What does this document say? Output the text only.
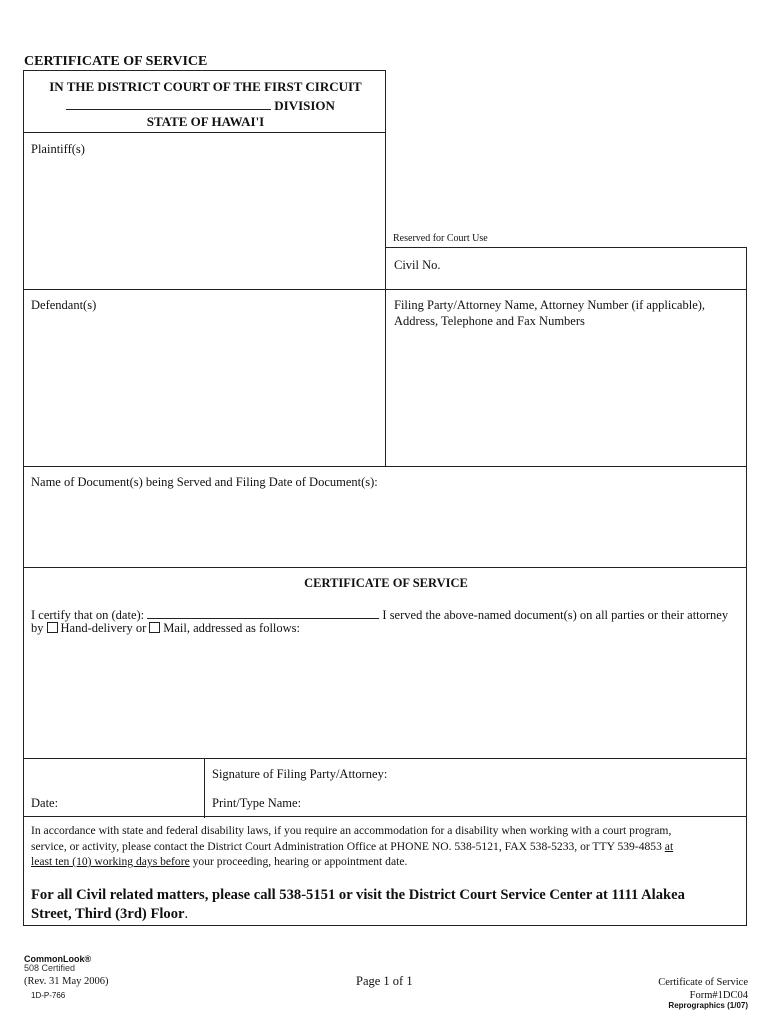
CERTIFICATE OF SERVICE
IN THE DISTRICT COURT OF THE FIRST CIRCUIT
DIVISION
STATE OF HAWAI'I
Plaintiff(s)
Reserved for Court Use
Civil No.
Defendant(s)	Filing Party/Attorney Name, Attorney Number (if applicable),
Address, Telephone and Fax Numbers
Name of Document(s) being Served and Filing Date of Document(s):
CERTIFICATE OF SERVICE
I certify that on (date):	I served the above-named document(s) on all parties or their attorney
by Hand-delivery or Mail, addressed as follows:
Date:
Signature of Filing Party/Attorney:
Print/Type Name:
In accordance with state and federal disability laws, if you require an accommodation for a disability when working with a court program,
service, or activity, please contact the District Court Administration Office at PHONE NO. 538-5121, FAX 538-5233, or TTY 539-4853 at
least ten (10) working days before your proceeding, hearing or appointment date.
For all Civil related matters, please call 538-5151 or visit the District Court Service Center at 1111 Alakea
Street, Third (3rd) Floor.
CommonLook®
508 Certified
(Rev. 31 May 2006)
1D-P-766
Page 1 of 1	Certificate of Service
Form#1DC04
Reprographics (1/07)
